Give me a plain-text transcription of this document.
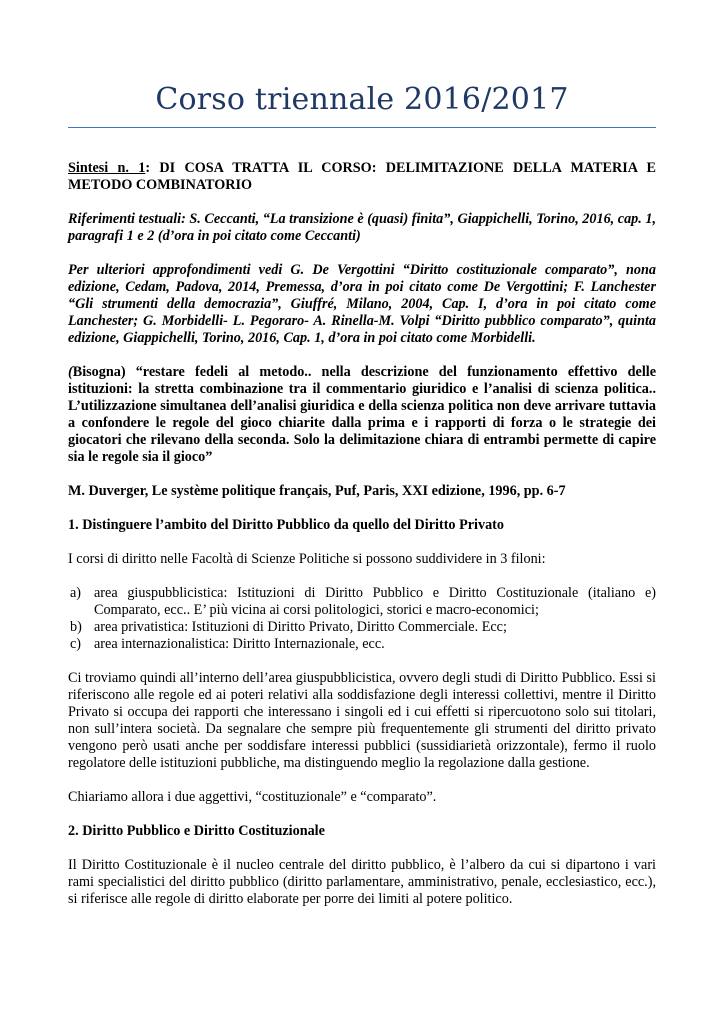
Corso triennale 2016/2017

Sintesi n. 1: DI COSA TRATTA IL CORSO: DELIMITAZIONE DELLA MATERIA E METODO COMBINATORIO

Riferimenti testuali: S. Ceccanti, “La transizione è (quasi) finita”, Giappichelli, Torino, 2016, cap. 1, paragrafi 1 e 2 (d’ora in poi citato come Ceccanti)

Per ulteriori approfondimenti vedi G. De Vergottini “Diritto costituzionale comparato”, nona edizione, Cedam, Padova, 2014, Premessa, d’ora in poi citato come De Vergottini; F. Lanchester “Gli strumenti della democrazia”, Giuffré, Milano, 2004, Cap. I, d’ora in poi citato come Lanchester; G. Morbidelli- L. Pegoraro- A. Rinella-M. Volpi “Diritto pubblico comparato”, quinta edizione, Giappichelli, Torino, 2016, Cap. 1, d’ora in poi citato come Morbidelli.

(Bisogna) “restare fedeli al metodo.. nella descrizione del funzionamento effettivo delle istituzioni: la stretta combinazione tra il commentario giuridico e l’analisi di scienza politica.. L’utilizzazione simultanea dell’analisi giuridica e della scienza politica non deve arrivare tuttavia a confondere le regole del gioco chiarite dalla prima e i rapporti di forza o le strategie dei giocatori che rilevano della seconda. Solo la delimitazione chiara di entrambi permette di capire sia le regole sia il gioco”

M. Duverger, Le système politique français, Puf, Paris, XXI edizione, 1996, pp. 6-7

1. Distinguere l’ambito del Diritto Pubblico da quello del Diritto Privato

I corsi di diritto nelle Facoltà di Scienze Politiche si possono suddividere in 3 filoni:

a) area giuspubblicistica: Istituzioni di Diritto Pubblico e Diritto Costituzionale (italiano e) Comparato, ecc.. E’ più vicina ai corsi politologici, storici e macro-economici;
b) area privatistica: Istituzioni di Diritto Privato, Diritto Commerciale. Ecc;
c) area internazionalistica: Diritto Internazionale, ecc.

Ci troviamo quindi all’interno dell’area giuspubblicistica, ovvero degli studi di Diritto Pubblico. Essi si riferiscono alle regole ed ai poteri relativi alla soddisfazione degli interessi collettivi, mentre il Diritto Privato si occupa dei rapporti che interessano i singoli ed i cui effetti si ripercuotono solo sui titolari, non sull’intera società. Da segnalare che sempre più frequentemente gli strumenti del diritto privato vengono però usati anche per soddisfare interessi pubblici (sussidiarietà orizzontale), fermo il ruolo regolatore delle istituzioni pubbliche, ma distinguendo meglio la regolazione dalla gestione.

Chiariamo allora i due aggettivi, “costituzionale” e “comparato”.

2. Diritto Pubblico e Diritto Costituzionale

Il Diritto Costituzionale è il nucleo centrale del diritto pubblico, è l’albero da cui si dipartono i vari rami specialistici del diritto pubblico (diritto parlamentare, amministrativo, penale, ecclesiastico, ecc.), si riferisce alle regole di diritto elaborate per porre dei limiti al potere politico.
